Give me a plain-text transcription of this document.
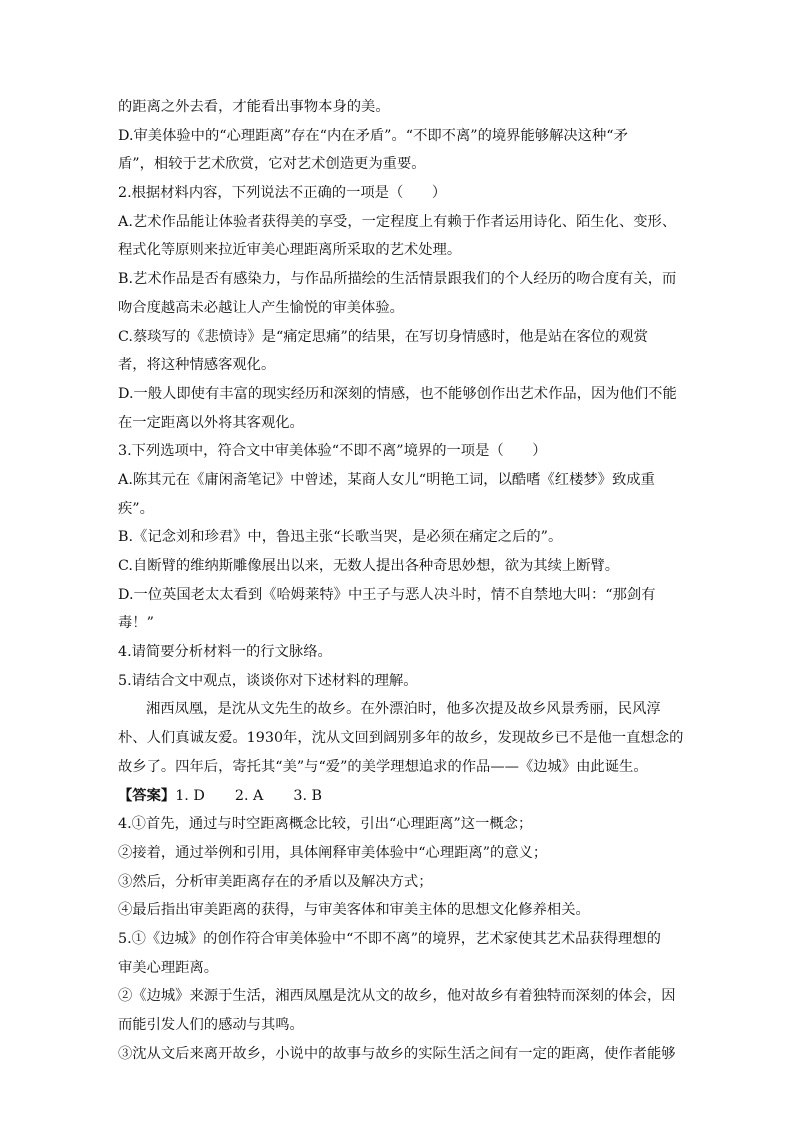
的距离之外去看，才能看出事物本身的美。
D.审美体验中的“心理距离”存在“内在矛盾”。“不即不离”的境界能够解决这种“矛
盾”，相较于艺术欣赏，它对艺术创造更为重要。
2.根据材料内容，下列说法不正确的一项是（　　）
A.艺术作品能让体验者获得美的享受，一定程度上有赖于作者运用诗化、陌生化、变形、
程式化等原则来拉近审美心理距离所采取的艺术处理。
B.艺术作品是否有感染力，与作品所描绘的生活情景跟我们的个人经历的吻合度有关，而
吻合度越高未必越让人产生愉悦的审美体验。
C.蔡琰写的《悲愤诗》是“痛定思痛”的结果，在写切身情感时，他是站在客位的观赏
者，将这种情感客观化。
D.一般人即使有丰富的现实经历和深刻的情感，也不能够创作出艺术作品，因为他们不能
在一定距离以外将其客观化。
3.下列选项中，符合文中审美体验“不即不离”境界的一项是（　　）
A.陈其元在《庸闲斋笔记》中曾述，某商人女儿“明艳工词，以酷嗜《红楼梦》致成重
疾”。
B.《记念刘和珍君》中，鲁迅主张“长歌当哭，是必须在痛定之后的”。
C.自断臂的维纳斯雕像展出以来，无数人提出各种奇思妙想，欲为其续上断臂。
D.一位英国老太太看到《哈姆莱特》中王子与恶人决斗时，情不自禁地大叫：“那剑有
毒！”
4.请简要分析材料一的行文脉络。
5.请结合文中观点，谈谈你对下述材料的理解。
湘西凤凰，是沈从文先生的故乡。在外漂泊时，他多次提及故乡风景秀丽，民风淳
朴、人们真诚友爱。1930年，沈从文回到阔别多年的故乡，发现故乡已不是他一直想念的
故乡了。四年后，寄托其“美”与“爱”的美学理想追求的作品——《边城》由此诞生。
【答案】1. D 2. A 3. B
4.①首先，通过与时空距离概念比较，引出“心理距离”这一概念；
②接着，通过举例和引用，具体阐释审美体验中“心理距离”的意义；
③然后，分析审美距离存在的矛盾以及解决方式；
④最后指出审美距离的获得，与审美客体和审美主体的思想文化修养相关。
5.①《边城》的创作符合审美体验中“不即不离”的境界，艺术家使其艺术品获得理想的
审美心理距离。
②《边城》来源于生活，湘西凤凰是沈从文的故乡，他对故乡有着独特而深刻的体会，因
而能引发人们的感动与其鸣。
③沈从文后来离开故乡，小说中的故事与故乡的实际生活之间有一定的距离，使作者能够
